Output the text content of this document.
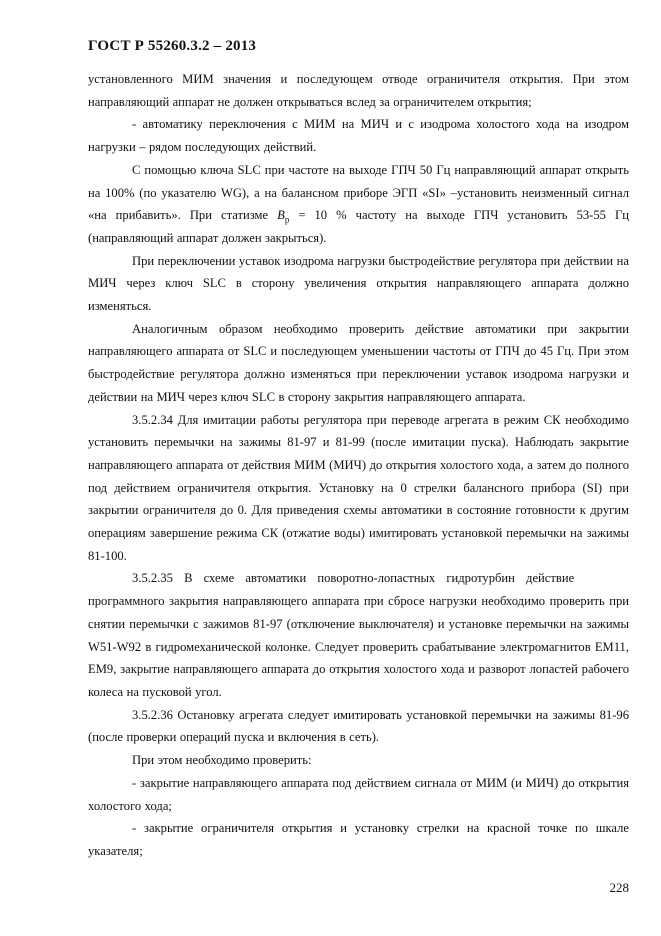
ГОСТ Р 55260.3.2 – 2013

установленного МИМ значения и последующем отводе ограничителя открытия. При этом направляющий аппарат не должен открываться вслед за ограничителем открытия;

- автоматику переключения с МИМ на МИЧ и с изодрома холостого хода на изодром нагрузки – рядом последующих действий.

С помощью ключа SLC при частоте на выходе ГПЧ 50 Гц направляющий аппарат открыть на 100% (по указателю WG), а на балансном приборе ЭГП «SI» –установить неизменный сигнал «на прибавить». При статизме $B_p = 10$ % частоту на выходе ГПЧ установить 53-55 Гц (направляющий аппарат должен закрыться).

При переключении уставок изодрома нагрузки быстродействие регулятора при действии на МИЧ через ключ SLC в сторону увеличения открытия направляющего аппарата должно изменяться.

Аналогичным образом необходимо проверить действие автоматики при закрытии направляющего аппарата от SLC и последующем уменьшении частоты от ГПЧ до 45 Гц. При этом быстродействие регулятора должно изменяться при переключении уставок изодрома нагрузки и действии на МИЧ через ключ SLC в сторону закрытия направляющего аппарата.

3.5.2.34 Для имитации работы регулятора при переводе агрегата в режим СК необходимо установить перемычки на зажимы 81-97 и 81-99 (после имитации пуска). Наблюдать закрытие направляющего аппарата от действия МИМ (МИЧ) до открытия холостого хода, а затем до полного под действием ограничителя открытия. Установку на 0 стрелки балансного прибора (SI) при закрытии ограничителя до 0. Для приведения схемы автоматики в состояние готовности к другим операциям завершение режима СК (отжатие воды) имитировать установкой перемычки на зажимы 81-100.

3.5.2.35 В схеме автоматики поворотно-лопастных гидротурбин действие

программного закрытия направляющего аппарата при сбросе нагрузки необходимо проверить при снятии перемычки с зажимов 81-97 (отключение выключателя) и установке перемычки на зажимы W51-W92 в гидромеханической колонке. Следует проверить срабатывание электромагнитов ЕМ11, ЕМ9, закрытие направляющего аппарата до открытия холостого хода и разворот лопастей рабочего колеса на пусковой угол.

3.5.2.36 Остановку агрегата следует имитировать установкой перемычки на зажимы 81-96 (после проверки операций пуска и включения в сеть).

При этом необходимо проверить:

- закрытие направляющего аппарата под действием сигнала от МИМ (и МИЧ) до открытия холостого хода;

- закрытие ограничителя открытия и установку стрелки на красной точке по шкале указателя;

228
